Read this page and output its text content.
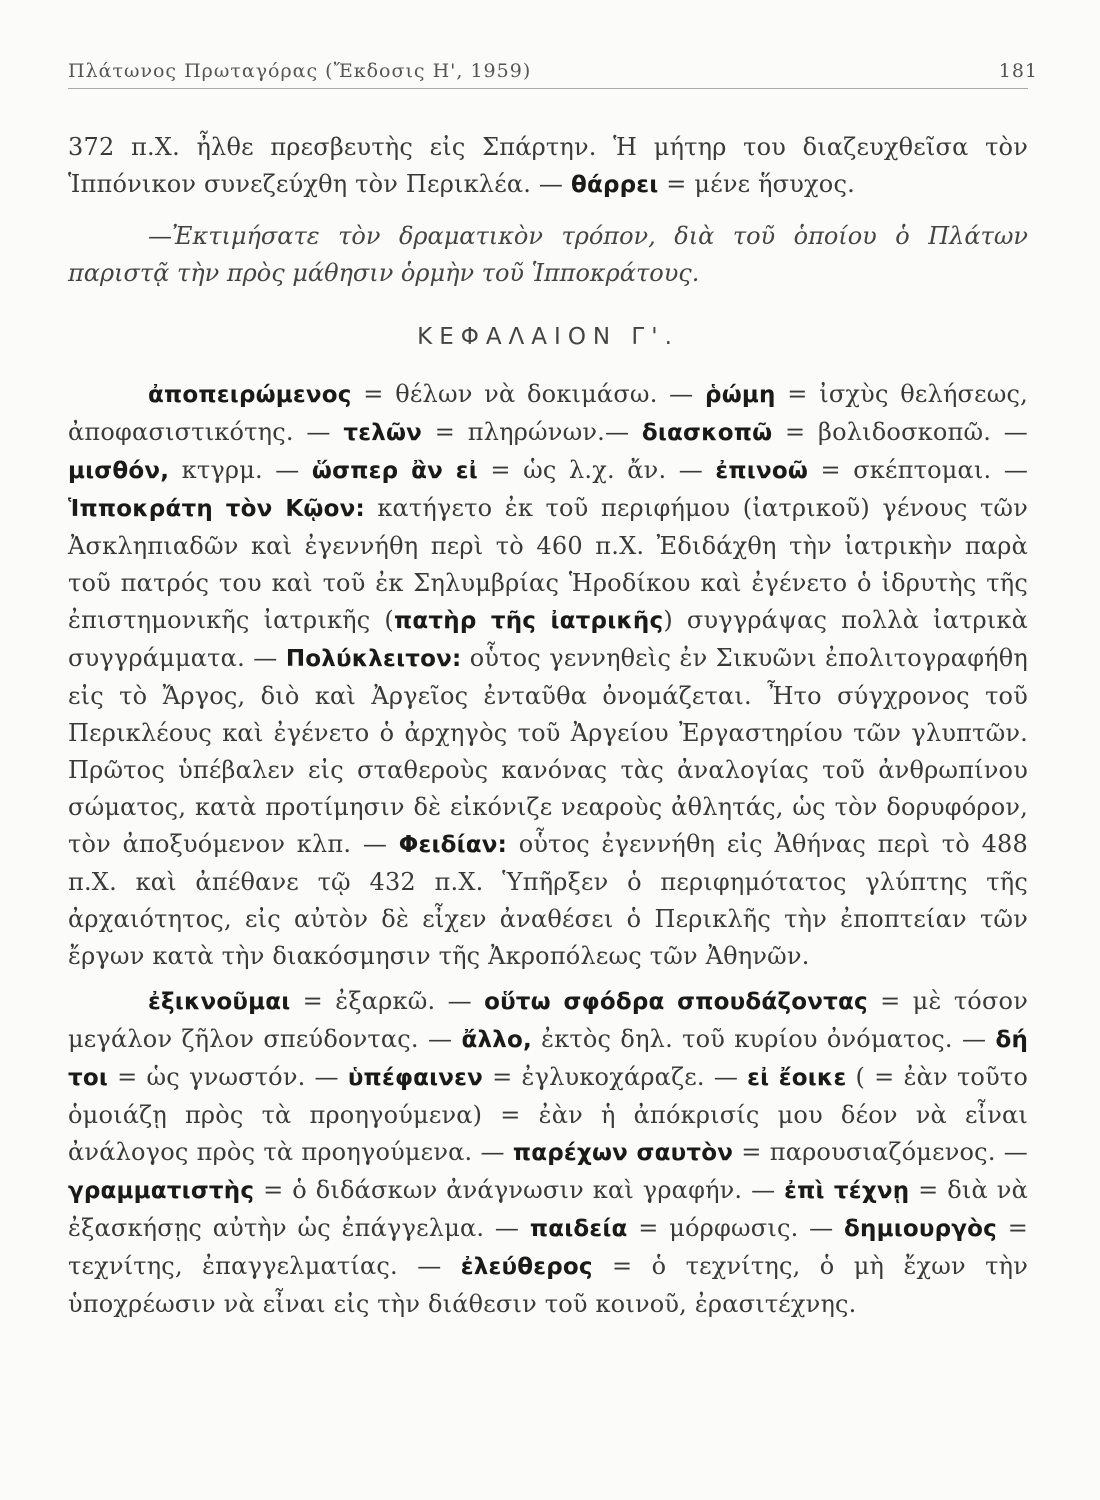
Πλάτωνος Πρωταγόρας (Ἔκδοσις Η', 1959)	181

372 π.Χ. ἦλθε πρεσβευτὴς εἰς Σπάρτην. Ἡ μήτηρ του διαζευχθεῖσα τὸν Ἱππόνικον συνεζεύχθη τὸν Περικλέα. — θάρρει = μένε ἥσυχος.

—Ἐκτιμήσατε τὸν δραματικὸν τρόπον, διὰ τοῦ ὁποίου ὁ Πλάτων παριστᾷ τὴν πρὸς μάθησιν ὁρμὴν τοῦ Ἱπποκράτους.

ΚΕΦΑΛΑΙΟΝ Γ'.

ἀποπειρώμενος = θέλων νὰ δοκιμάσω. — ῥώμη = ἰσχὺς θελήσεως, ἀποφασιστικότης. — τελῶν = πληρώνων.— διασκοπῶ = βολιδοσκοπῶ. — μισθόν, κτγρμ. — ὥσπερ ἂν εἰ = ὡς λ.χ. ἄν. — ἐπινοῶ = σκέπτομαι. — Ἱπποκράτη τὸν Κῷον: κατήγετο ἐκ τοῦ περιφήμου (ἰατρικοῦ) γένους τῶν Ἀσκληπιαδῶν καὶ ἐγεννήθη περὶ τὸ 460 π.Χ. Ἐδιδάχθη τὴν ἰατρικὴν παρὰ τοῦ πατρός του καὶ τοῦ ἐκ Σηλυμβρίας Ἡροδίκου καὶ ἐγένετο ὁ ἱδρυτὴς τῆς ἐπιστημονικῆς ἰατρικῆς (πατὴρ τῆς ἰατρικῆς) συγγράψας πολλὰ ἰατρικὰ συγγράμματα. — Πολύκλειτον: οὗτος γεννηθεὶς ἐν Σικυῶνι ἐπολιτογραφήθη εἰς τὸ Ἄργος, διὸ καὶ Ἀργεῖος ἐνταῦθα ὀνομάζεται. Ἦτο σύγχρονος τοῦ Περικλέους καὶ ἐγένετο ὁ ἀρχηγὸς τοῦ Ἀργείου Ἐργαστηρίου τῶν γλυπτῶν. Πρῶτος ὑπέβαλεν εἰς σταθεροὺς κανόνας τὰς ἀναλογίας τοῦ ἀνθρωπίνου σώματος, κατὰ προτίμησιν δὲ εἰκόνιζε νεαροὺς ἀθλητάς, ὡς τὸν δορυφόρον, τὸν ἀποξυόμενον κλπ. — Φειδίαν: οὗτος ἐγεννήθη εἰς Ἀθήνας περὶ τὸ 488 π.Χ. καὶ ἀπέθανε τῷ 432 π.Χ. Ὑπῆρξεν ὁ περιφημότατος γλύπτης τῆς ἀρχαιότητος, εἰς αὐτὸν δὲ εἶχεν ἀναθέσει ὁ Περικλῆς τὴν ἐποπτείαν τῶν ἔργων κατὰ τὴν διακόσμησιν τῆς Ἀκροπόλεως τῶν Ἀθηνῶν.

ἐξικνοῦμαι = ἐξαρκῶ. — οὕτω σφόδρα σπουδάζοντας = μὲ τόσον μεγάλον ζῆλον σπεύδοντας. — ἄλλο, ἐκτὸς δηλ. τοῦ κυρίου ὀνόματος. — δή τοι = ὡς γνωστόν. — ὑπέφαινεν = ἐγλυκοχάραζε. — εἰ ἔοικε ( = ἐὰν τοῦτο ὁμοιάζῃ πρὸς τὰ προηγούμενα) = ἐὰν ἡ ἀπόκρισίς μου δέον νὰ εἶναι ἀνάλογος πρὸς τὰ προηγούμενα. — παρέχων σαυτὸν = παρουσιαζόμενος. — γραμματιστὴς = ὁ διδάσκων ἀνάγνωσιν καὶ γραφήν. — ἐπὶ τέχνῃ = διὰ νὰ ἐξασκήσῃς αὐτὴν ὡς ἐπάγγελμα. — παιδεία = μόρφωσις. — δημιουργὸς = τεχνίτης, ἐπαγγελματίας. — ἐλεύθερος = ὁ τεχνίτης, ὁ μὴ ἔχων τὴν ὑποχρέωσιν νὰ εἶναι εἰς τὴν διάθεσιν τοῦ κοινοῦ, ἐρασιτέχνης.
